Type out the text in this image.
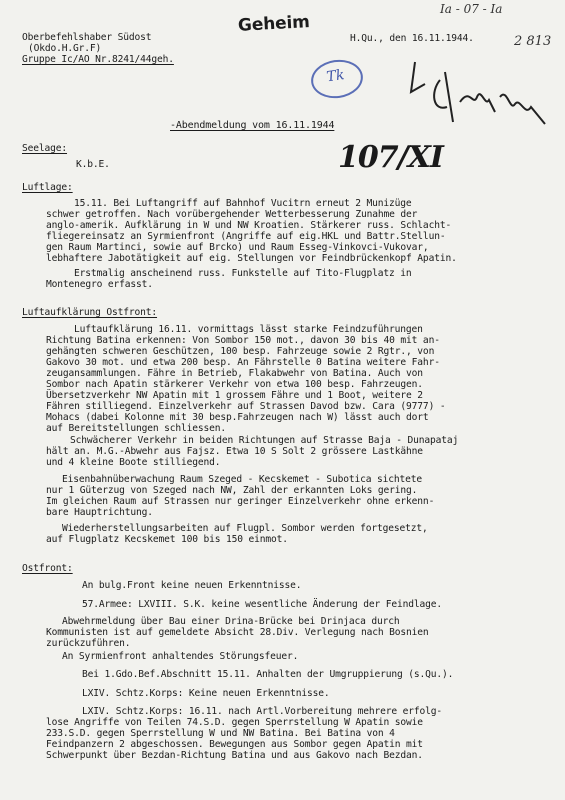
Oberbefehlshaber Südost
(Okdo.H.Gr.F)
Gruppe Ic/AO Nr.8241/44geh.
Geheim
H.Qu., den 16.11.1944.
Ia - 07 - Ia
2 813
Tk
-Abendmeldung vom 16.11.1944
107/XI
Seelage:
K.b.E.
Luftlage:
15.11. Bei Luftangriff auf Bahnhof Vucitrn erneut 2 Munizüge
schwer getroffen. Nach vorübergehender Wetterbesserung Zunahme der
anglo-amerik. Aufklärung in W und NW Kroatien. Stärkerer russ. Schlacht-
fliegereinsatz an Syrmienfront (Angriffe auf eig.HKL und Battr.Stellun-
gen Raum Martinci, sowie auf Brcko) und Raum Esseg-Vinkovci-Vukovar,
lebhaftere Jabotätigkeit auf eig. Stellungen vor Feindbrückenkopf Apatin.
Erstmalig anscheinend russ. Funkstelle auf Tito-Flugplatz in
Montenegro erfasst.
Luftaufklärung Ostfront:
Luftaufklärung 16.11. vormittags lässt starke Feindzuführungen
Richtung Batina erkennen: Von Sombor 150 mot., davon 30 bis 40 mit an-
gehängten schweren Geschützen, 100 besp. Fahrzeuge sowie 2 Rgtr., von
Gakovo 30 mot. und etwa 200 besp. An Fährstelle 0 Batina weitere Fahr-
zeugansammlungen. Fähre in Betrieb, Flakabwehr von Batina. Auch von
Sombor nach Apatin stärkerer Verkehr von etwa 100 besp. Fahrzeugen.
Übersetzverkehr NW Apatin mit 1 grossem Fähre und 1 Boot, weitere 2
Fähren stilliegend. Einzelverkehr auf Strassen Davod bzw. Cara (9777) -
Mohacs (dabei Kolonne mit 30 besp.Fahrzeugen nach W) lässt auch dort
auf Bereitstellungen schliessen.
Schwächerer Verkehr in beiden Richtungen auf Strasse Baja - Dunapataj
hält an. M.G.-Abwehr aus Fajsz. Etwa 10 S Solt 2 grössere Lastkähne
und 4 kleine Boote stilliegend.
Eisenbahnüberwachung Raum Szeged - Kecskemet - Subotica sichtete
nur 1 Güterzug von Szeged nach NW, Zahl der erkannten Loks gering.
Im gleichen Raum auf Strassen nur geringer Einzelverkehr ohne erkenn-
bare Hauptrichtung.
Wiederherstellungsarbeiten auf Flugpl. Sombor werden fortgesetzt,
auf Flugplatz Kecskemet 100 bis 150 einmot.
Ostfront:
An bulg.Front keine neuen Erkenntnisse.
57.Armee: LXVIII. S.K. keine wesentliche Änderung der Feindlage.
Abwehrmeldung über Bau einer Drina-Brücke bei Drinjaca durch
Kommunisten ist auf gemeldete Absicht 28.Div. Verlegung nach Bosnien
zurückzuführen.
An Syrmienfront anhaltendes Störungsfeuer.
Bei 1.Gdo.Bef.Abschnitt 15.11. Anhalten der Umgruppierung (s.Qu.).
LXIV. Schtz.Korps: Keine neuen Erkenntnisse.
LXIV. Schtz.Korps: 16.11. nach Artl.Vorbereitung mehrere erfolg-
lose Angriffe von Teilen 74.S.D. gegen Sperrstellung W Apatin sowie
233.S.D. gegen Sperrstellung W und NW Batina. Bei Batina von 4
Feindpanzern 2 abgeschossen. Bewegungen aus Sombor gegen Apatin mit
Schwerpunkt über Bezdan-Richtung Batina und aus Gakovo nach Bezdan.
